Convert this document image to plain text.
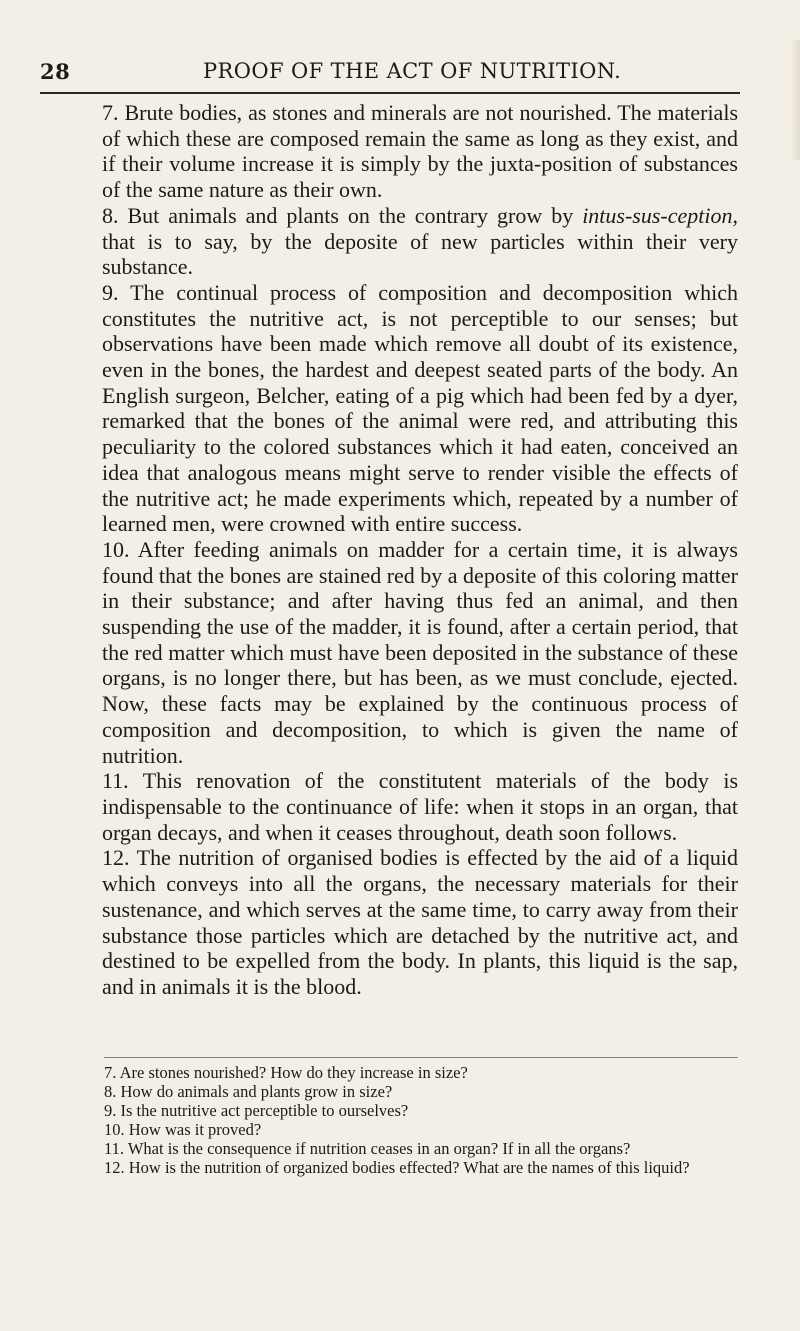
28	PROOF OF THE ACT OF NUTRITION.

7. Brute bodies, as stones and minerals are not nourished. The materials of which these are composed remain the same as long as they exist, and if their volume increase it is simply by the juxta-position of substances of the same nature as their own.

8. But animals and plants on the contrary grow by intus-sus-ception, that is to say, by the deposite of new particles within their very substance.

9. The continual process of composition and decomposition which constitutes the nutritive act, is not perceptible to our senses; but observations have been made which remove all doubt of its existence, even in the bones, the hardest and deepest seated parts of the body. An English surgeon, Belcher, eating of a pig which had been fed by a dyer, remarked that the bones of the animal were red, and attributing this peculiarity to the colored substances which it had eaten, conceived an idea that analogous means might serve to render visible the effects of the nutritive act; he made experiments which, repeated by a number of learned men, were crowned with entire success.

10. After feeding animals on madder for a certain time, it is always found that the bones are stained red by a deposite of this coloring matter in their substance; and after having thus fed an animal, and then suspending the use of the madder, it is found, after a certain period, that the red matter which must have been deposited in the substance of these organs, is no longer there, but has been, as we must conclude, ejected. Now, these facts may be explained by the continuous process of composition and decomposition, to which is given the name of nutrition.

11. This renovation of the constitutent materials of the body is indispensable to the continuance of life: when it stops in an organ, that organ decays, and when it ceases throughout, death soon follows.

12. The nutrition of organised bodies is effected by the aid of a liquid which conveys into all the organs, the necessary materials for their sustenance, and which serves at the same time, to carry away from their substance those particles which are detached by the nutritive act, and destined to be expelled from the body. In plants, this liquid is the sap, and in animals it is the blood.

7. Are stones nourished? How do they increase in size?

8. How do animals and plants grow in size?

9. Is the nutritive act perceptible to ourselves?

10. How was it proved?

11. What is the consequence if nutrition ceases in an organ? If in all the organs?

12. How is the nutrition of organized bodies effected? What are the names of this liquid?
